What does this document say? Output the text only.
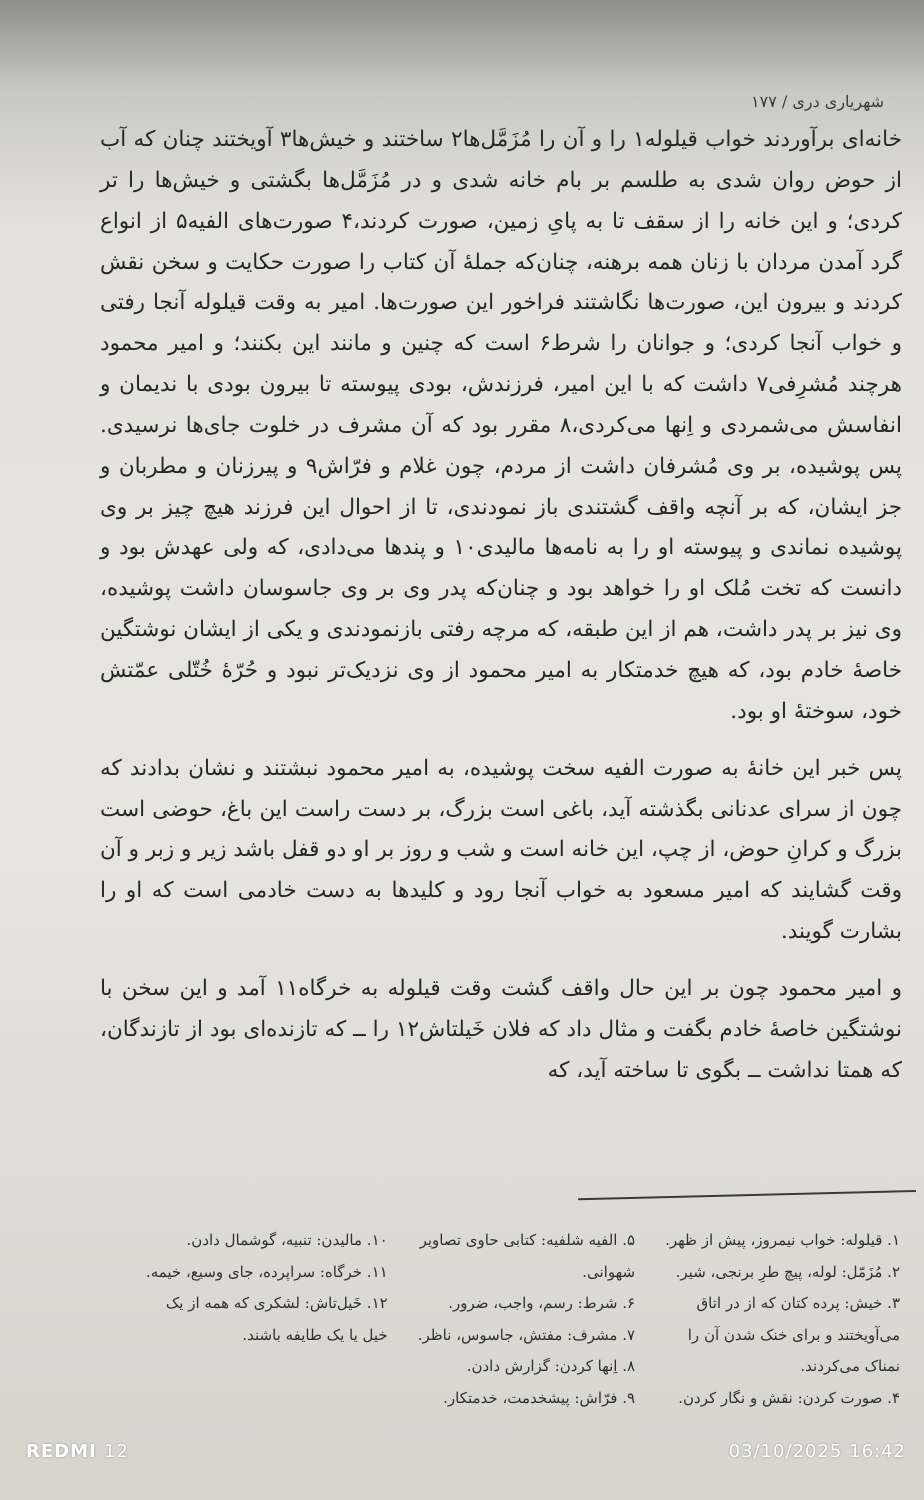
شهریاری دری / ۱۷۷

خانه‌ای برآوردند خواب قیلوله۱ را و آن را مُزَمَّل‌ها۲ ساختند و خیش‌ها۳ آویختند چنان که آب از حوض روان شدی به طلسم بر بام خانه شدی و در مُزَمَّل‌ها بگشتی و خیش‌ها را تر کردی؛ و این خانه را از سقف تا به پایِ زمین، صورت کردند،۴ صورت‌های الفیه۵ از انواع گرد آمدن مردان با زنان همه برهنه، چنان‌که جملهٔ آن کتاب را صورت حکایت و سخن نقش کردند و بیرون این، صورت‌ها نگاشتند فراخور این صورت‌ها. امیر به وقت قیلوله آنجا رفتی و خواب آنجا کردی؛ و جوانان را شرط۶ است که چنین و مانند این بکنند؛ و امیر محمود هرچند مُشرِفی۷ داشت که با این امیر، فرزندش، بودی پیوسته تا بیرون بودی با ندیمان و انفاسش می‌شمردی و اِنها می‌کردی،۸ مقرر بود که آن مشرف در خلوت جای‌ها نرسیدی. پس پوشیده، بر وی مُشرفان داشت از مردم، چون غلام و فرّاش۹ و پیرزنان و مطربان و جز ایشان، که بر آنچه واقف گشتندی باز نمودندی، تا از احوال این فرزند هیچ چیز بر وی پوشیده نماندی و پیوسته او را به نامه‌ها مالیدی۱۰ و پندها می‌دادی، که ولی عهدش بود و دانست که تخت مُلک او را خواهد بود و چنان‌که پدر وی بر وی جاسوسان داشت پوشیده، وی نیز بر پدر داشت، هم از این طبقه، که مرچه رفتی بازنمودندی و یکی از ایشان نوشتگین خاصهٔ خادم بود، که هیچ خدمتکار به امیر محمود از وی نزدیک‌تر نبود و حُرّهٔ خُتّلی عمّتش خود، سوختهٔ او بود.

پس خبر این خانهٔ به صورت الفیه سخت پوشیده، به امیر محمود نبشتند و نشان بدادند که چون از سرای عدنانی بگذشته آید، باغی است بزرگ، بر دست راست این باغ، حوضی است بزرگ و کرانِ حوض، از چپ، این خانه است و شب و روز بر او دو قفل باشد زیر و زبر و آن وقت گشایند که امیر مسعود به خواب آنجا رود و کلیدها به دست خادمی است که او را بشارت گویند.

و امیر محمود چون بر این حال واقف گشت وقت قیلوله به خرگاه۱۱ آمد و این سخن با نوشتگین خاصهٔ خادم بگفت و مثال داد که فلان خَیلتاش۱۲ را ــ که تازنده‌ای بود از تازندگان، که همتا نداشت ــ بگوی تا ساخته آید، که

۱. قیلوله: خواب نیمروز، پیش از ظهر.
۲. مُزَمّل: لوله، پیچ طرِ برنجی، شیر.
۳. خیش: پرده کتان که از در اتاق
می‌آویختند و برای خنک شدن آن را
نمناک می‌کردند.
۴. صورت کردن: نقش و نگار کردن.
۵. الفیه شلفیه: کتابی حاوی تصاویر
شهوانی.
۶. شرط: رسم، واجب، ضرور.
۷. مشرف: مفتش، جاسوس، ناظر.
۸. اِنها کردن: گزارش دادن.
۹. فرّاش: پیشخدمت، خدمتکار.
۱۰. مالیدن: تنبیه، گوشمال دادن.
۱۱. خرگاه: سراپرده، جای وسیع، خیمه.
۱۲. خَیل‌تاش: لشکری که همه از یک
خیل یا یک طایفه باشند.
REDMI 12	03/10/2025 16:42
